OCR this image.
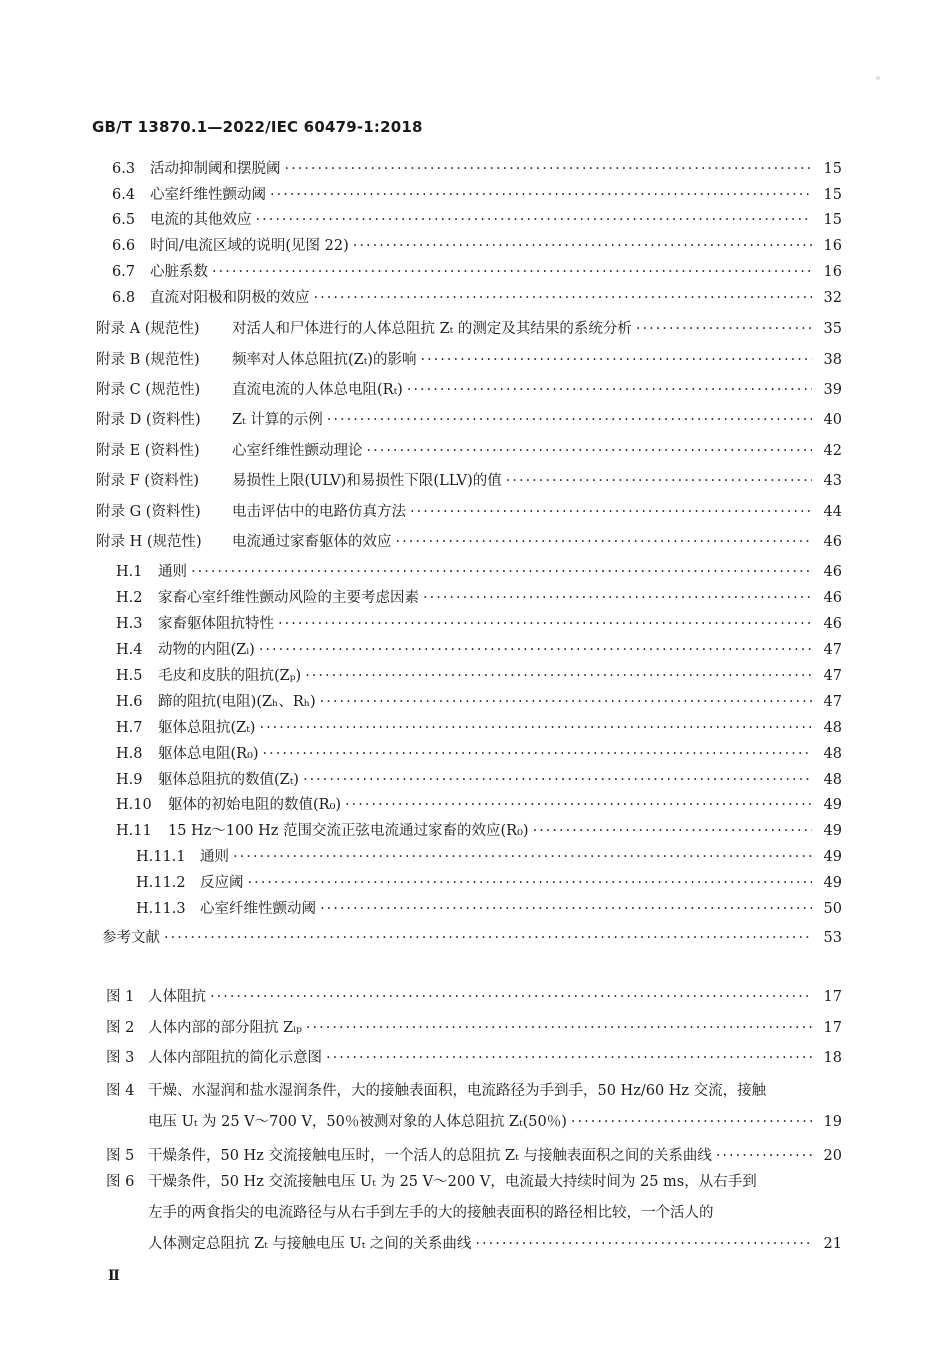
GB/T 13870.1—2022/IEC 60479-1:2018
6.3	活动抑制阈和摆脱阈 ·····	15
6.4	心室纤维性颤动阈 ·····	15
6.5	电流的其他效应 ·····	15
6.6	时间/电流区域的说明(见图 22) ·····	16
6.7	心脏系数 ·····	16
6.8	直流对阳极和阴极的效应 ·····	32
附录 A (规范性)	对活人和尸体进行的人体总阻抗 Zₜ 的测定及其结果的系统分析 ·····	35
附录 B (规范性)	频率对人体总阻抗(Zₜ)的影响 ·····	38
附录 C (规范性)	直流电流的人体总电阻(Rₜ) ·····	39
附录 D (资料性)	Zₜ 计算的示例 ·····	40
附录 E (资料性)	心室纤维性颤动理论 ·····	42
附录 F (资料性)	易损性上限(ULV)和易损性下限(LLV)的值 ·····	43
附录 G (资料性)	电击评估中的电路仿真方法 ·····	44
附录 H (规范性)	电流通过家畜躯体的效应 ·····	46
H.1	通则 ·····	46
H.2	家畜心室纤维性颤动风险的主要考虑因素 ·····	46
H.3	家畜躯体阻抗特性 ·····	46
H.4	动物的内阻(Zᵢ) ·····	47
H.5	毛皮和皮肤的阻抗(Zₚ) ·····	47
H.6	蹄的阻抗(电阻)(Zₕ、Rₕ) ·····	47
H.7	躯体总阻抗(Zₜ) ·····	48
H.8	躯体总电阻(R₀) ·····	48
H.9	躯体总阻抗的数值(Zₜ) ·····	48
H.10	躯体的初始电阻的数值(R₀) ·····	49
H.11	15 Hz～100 Hz 范围交流正弦电流通过家畜的效应(R₀) ·····	49
H.11.1 通则 ·····	49
H.11.2 反应阈 ·····	49
H.11.3 心室纤维性颤动阈 ·····	50
参考文献 ·····	53
图 1 人体阻抗 ·····	17
图 2 人体内部的部分阻抗 Zᵢₚ ·····	17
图 3 人体内部阻抗的简化示意图 ·····	18
图 4 干燥、水湿润和盐水湿润条件，大的接触表面积，电流路径为手到手，50 Hz/60 Hz 交流，接触
电压 Uₜ 为 25 V～700 V，50％被测对象的人体总阻抗 Zₜ(50％) ·····	19
图 5 干燥条件，50 Hz 交流接触电压时，一个活人的总阻抗 Zₜ 与接触表面积之间的关系曲线 ·····	20
图 6 干燥条件，50 Hz 交流接触电压 Uₜ 为 25 V～200 V，电流最大持续时间为 25 ms，从右手到
左手的两食指尖的电流路径与从右手到左手的大的接触表面积的路径相比较，一个活人的
人体测定总阻抗 Zₜ 与接触电压 Uₜ 之间的关系曲线 ·····	21
Ⅱ
